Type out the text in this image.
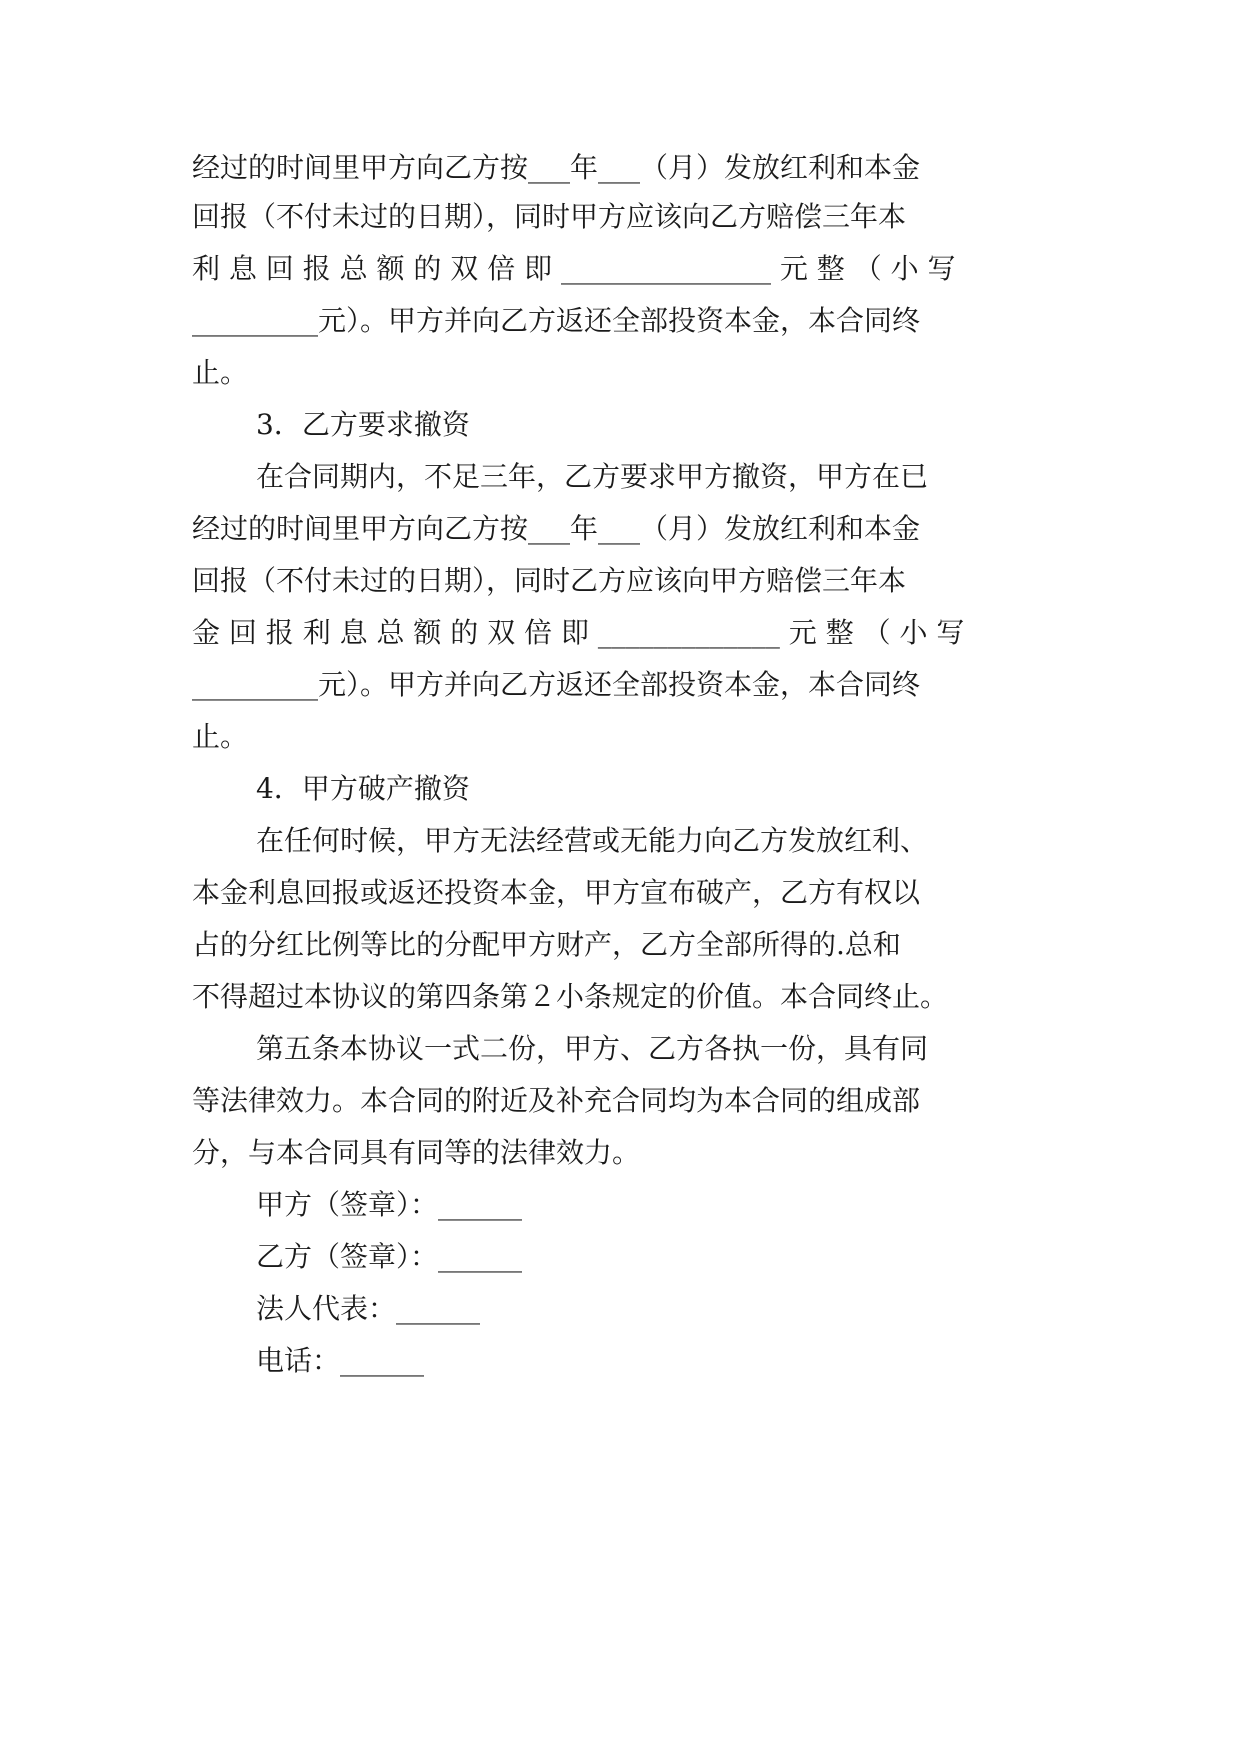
经过的时间里甲方向乙方按___年___（月）发放红利和本金
回报（不付未过的日期），同时甲方应该向乙方赔偿三年本
利 息 回 报 总 额 的 双 倍 即 _______________ 元 整 （ 小 写
_________元）。甲方并向乙方返还全部投资本金，本合同终
止。
3．乙方要求撤资
在合同期内，不足三年，乙方要求甲方撤资，甲方在已
经过的时间里甲方向乙方按___年___（月）发放红利和本金
回报（不付未过的日期），同时乙方应该向甲方赔偿三年本
金 回 报 利 息 总 额 的 双 倍 即 _____________ 元 整 （ 小 写
_________元）。甲方并向乙方返还全部投资本金，本合同终
止。
4．甲方破产撤资
在任何时候，甲方无法经营或无能力向乙方发放红利、
本金利息回报或返还投资本金，甲方宣布破产，乙方有权以
占的分红比例等比的分配甲方财产，乙方全部所得的.总和
不得超过本协议的第四条第２小条规定的价值。本合同终止。
第五条本协议一式二份，甲方、乙方各执一份，具有同
等法律效力。本合同的附近及补充合同均为本合同的组成部
分，与本合同具有同等的法律效力。
甲方（签章）：______
乙方（签章）：______
法人代表：______
电话：______
